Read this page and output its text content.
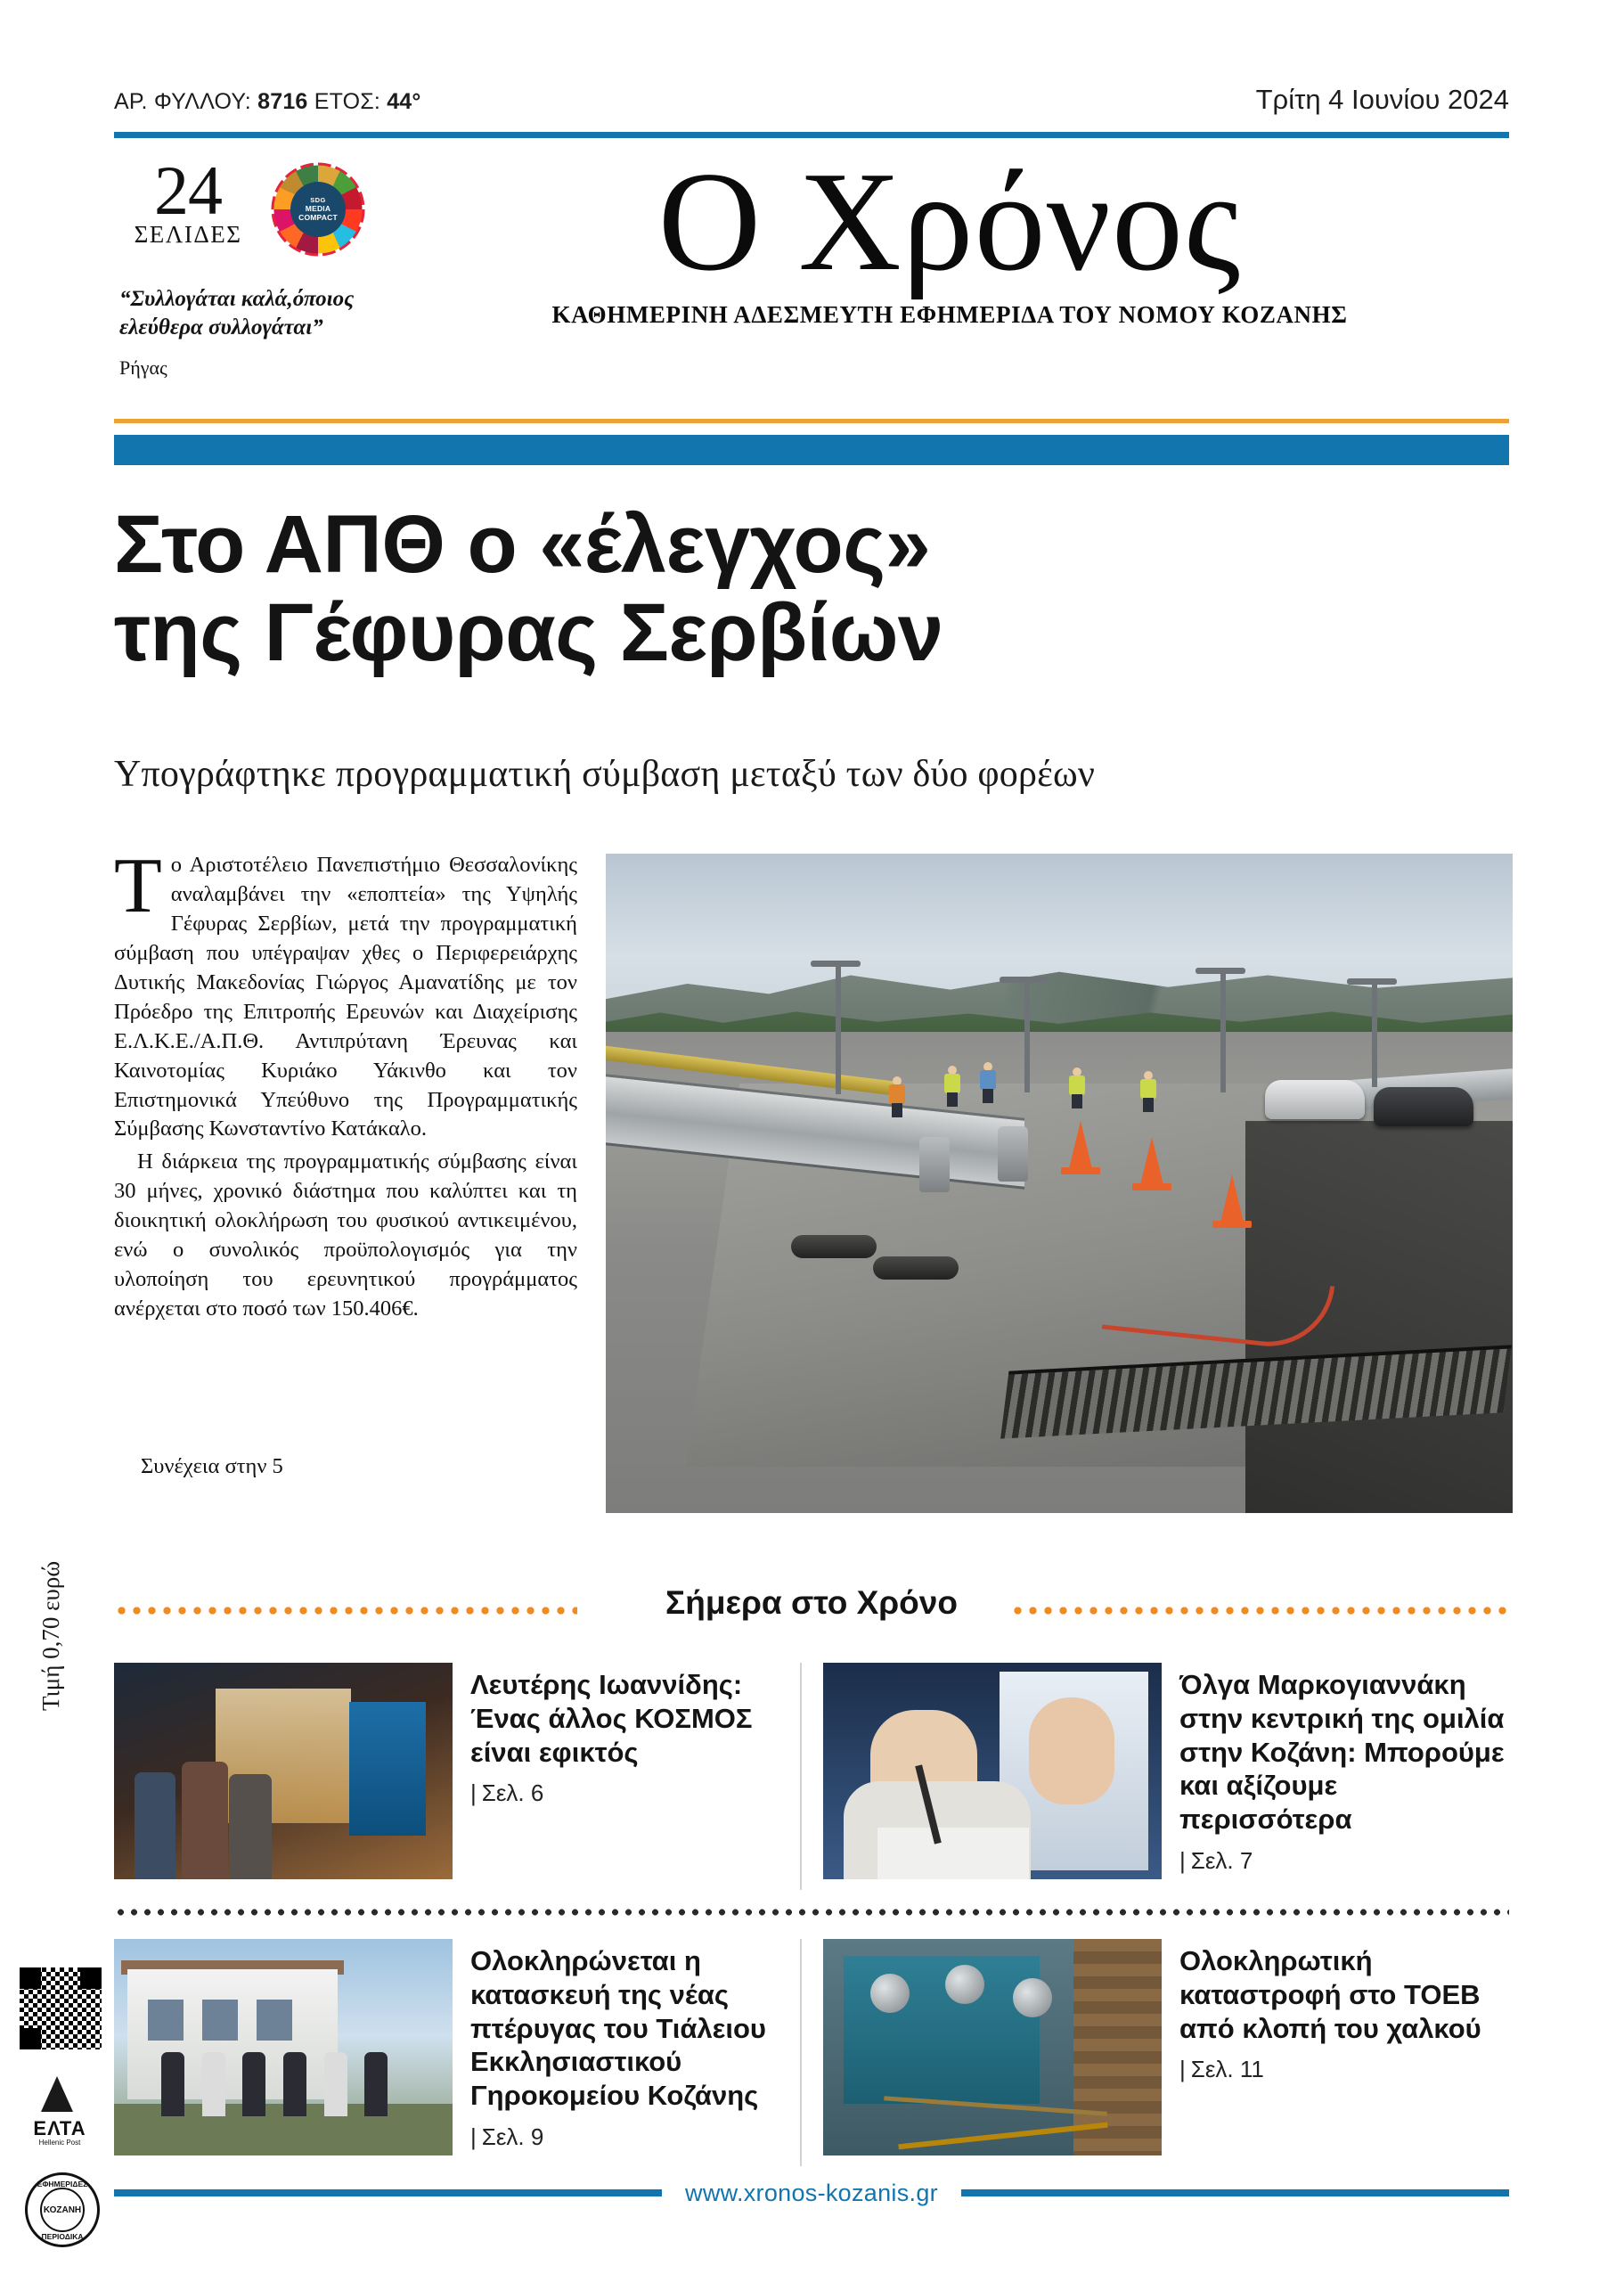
ΑΡ. ΦΥΛΛΟΥ: 8716 ΕΤΟΣ: 44°	Τρίτη 4 Ιουνίου 2024
24
ΣΕΛΙΔΕΣ
SDG
MEDIA
COMPACT
“Συλλογάται καλά,όποιος ελεύθερα συλλογάται”
Ρήγας
Ο Χρόνος
ΚΑΘΗΜΕΡΙΝΗ ΑΔΕΣΜΕΥΤΗ ΕΦΗΜΕΡΙΔΑ ΤΟΥ ΝΟΜΟΥ ΚΟΖΑΝΗΣ
Στο ΑΠΘ ο «έλεγχος»
της Γέφυρας Σερβίων
Υπογράφτηκε προγραμματική σύμβαση μεταξύ των δύο φορέων

Το Αριστοτέλειο Πανεπιστήμιο Θεσσαλονίκης αναλαμβάνει την «εποπτεία» της Υψηλής Γέφυρας Σερβίων, μετά την προγραμματική σύμβαση που υπέγραψαν χθες ο Περιφερειάρχης Δυτικής Μακεδονίας Γιώργος Αμανατίδης με τον Πρόεδρο της Επιτροπής Ερευνών και Διαχείρισης Ε.Λ.Κ.Ε./Α.Π.Θ. Αντιπρύτανη Έρευνας και Καινοτομίας Κυριάκο Υάκινθο και τον Επιστημονικά Υπεύθυνο της Προγραμματικής Σύμβασης Κωνσταντίνο Κατάκαλο.

Η διάρκεια της προγραμματικής σύμβασης είναι 30 μήνες, χρονικό διάστημα που καλύπτει και τη διοικητική ολοκλήρωση του φυσικού αντικειμένου, ενώ ο συνολικός προϋπολογισμός για την υλοποίηση του ερευνητικού προγράμματος ανέρχεται στο ποσό των 150.406€.

Συνέχεια στην 5
Σήμερα στο Χρόνο
Λευτέρης Ιωαννίδης: Ένας άλλος ΚΟΣΜΟΣ είναι εφικτός
| Σελ. 6
Όλγα Μαρκογιαννάκη στην κεντρική της ομιλία στην Κοζάνη: Μπορούμε και αξίζουμε περισσότερα
| Σελ. 7
Ολοκληρώνεται η κατασκευή της νέας πτέρυγας του Τιάλειου Εκκλησιαστικού Γηροκομείου Κοζάνης
| Σελ. 9
Ολοκληρωτική καταστροφή στο ΤΟΕΒ από κλοπή του χαλκού
| Σελ. 11
Τιμή 0,70 ευρώ
ΕΛΤΑ
Hellenic Post
ΕΦΗΜΕΡΙΔΕΣ
ΠΕΡΙΟΔΙΚΑ
ΚΟΖΑΝΗ
www.xronos-kozanis.gr
